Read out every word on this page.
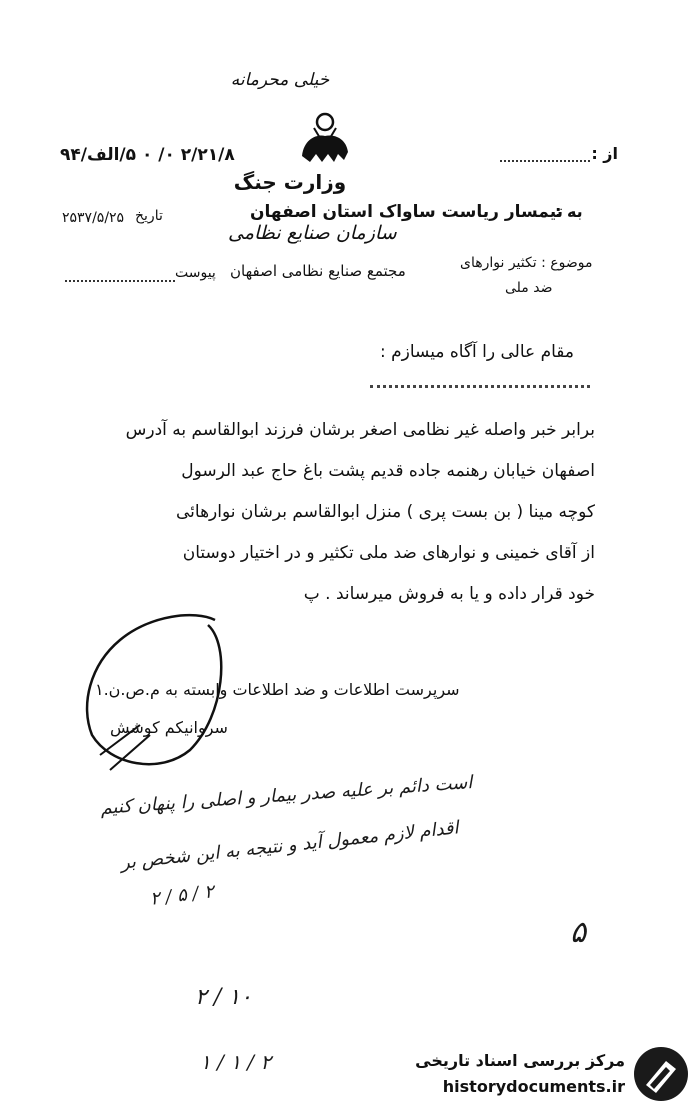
خیلی محرمانه
وزارت جنگ
۲/۲۱/۸ ۰/ ۰ ۵/الف/۹۴	از :
به :
تیمسار ریاست ساواک استان اصفهان
سازمان صنایع نظامی
تاریخ
۲۵۳۷/۵/۲۵
موضوع : تکثیر نوارهای
ضد ملی
مجتمع صنایع نظامی اصفهان
پیوست
مقام عالی را آگاه میسازم :
برابر خبر واصله غیر نظامی اصغر برشان فرزند ابوالقاسم به آدرس
اصفهان خیابان رهنمه جاده قدیم پشت باغ حاج عبد الرسول
کوچه مینا ( بن بست پری ) منزل ابوالقاسم برشان نوارهائی
از آقای خمینی و نوارهای ضد ملی تکثیر و در اختیار دوستان
خود قرار داده و یا به فروش میرساند . پ
سرپرست اطلاعات و ضد اطلاعات وابسته به م.ص.ن.۱
سروانیکم کوشش
است دائم بر علیه صدر بیمار و اصلی را پنهان کنیم
اقدام لازم معمول آید و نتیجه به این شخص بر
۲ / ۵ / ۲
۵
۱۰ / ۲
۲ / ۱ / ۱	مرکز بررسی اسناد تاریخی
historydocuments.ir
